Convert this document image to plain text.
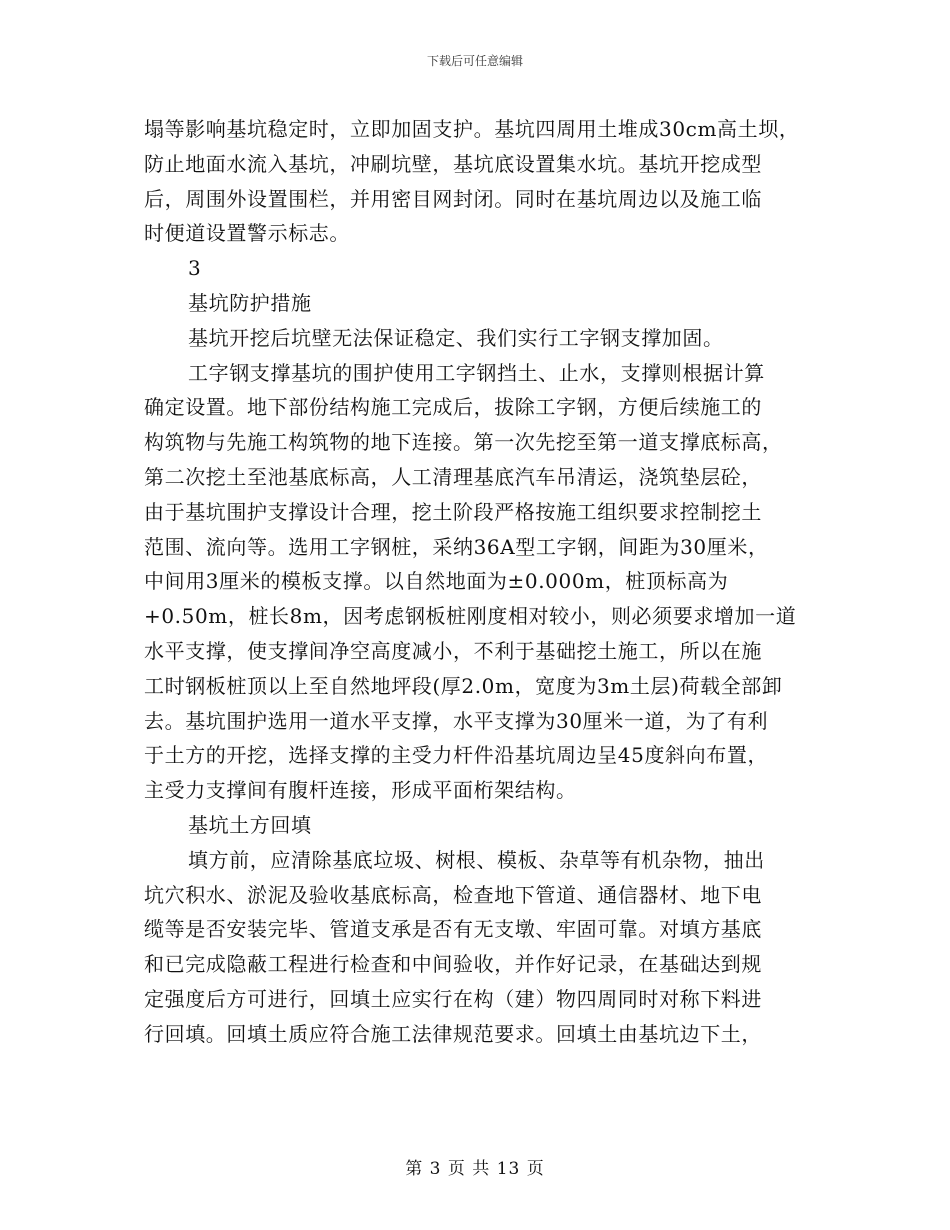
下载后可任意编辑
塌等影响基坑稳定时，立即加固支护。基坑四周用土堆成30cm高土坝，
防止地面水流入基坑，冲刷坑壁，基坑底设置集水坑。基坑开挖成型
后，周围外设置围栏，并用密目网封闭。同时在基坑周边以及施工临
时便道设置警示标志。
3
基坑防护措施
基坑开挖后坑壁无法保证稳定、我们实行工字钢支撑加固。
工字钢支撑基坑的围护使用工字钢挡土、止水，支撑则根据计算
确定设置。地下部份结构施工完成后，拔除工字钢，方便后续施工的
构筑物与先施工构筑物的地下连接。第一次先挖至第一道支撑底标高，
第二次挖土至池基底标高，人工清理基底汽车吊清运，浇筑垫层砼，
由于基坑围护支撑设计合理，挖土阶段严格按施工组织要求控制挖土
范围、流向等。选用工字钢桩，采纳36A型工字钢，间距为30厘米，
中间用3厘米的模板支撑。以自然地面为±0.000m，桩顶标高为
+0.50m，桩长8m，因考虑钢板桩刚度相对较小，则必须要求增加一道
水平支撑，使支撑间净空高度减小，不利于基础挖土施工，所以在施
工时钢板桩顶以上至自然地坪段(厚2.0m，宽度为3m土层)荷载全部卸
去。基坑围护选用一道水平支撑，水平支撑为30厘米一道，为了有利
于土方的开挖，选择支撑的主受力杆件沿基坑周边呈45度斜向布置，
主受力支撑间有腹杆连接，形成平面桁架结构。
基坑土方回填
填方前，应清除基底垃圾、树根、模板、杂草等有机杂物，抽出
坑穴积水、淤泥及验收基底标高，检查地下管道、通信器材、地下电
缆等是否安装完毕、管道支承是否有无支墩、牢固可靠。对填方基底
和已完成隐蔽工程进行检查和中间验收，并作好记录，在基础达到规
定强度后方可进行，回填土应实行在构（建）物四周同时对称下料进
行回填。回填土质应符合施工法律规范要求。回填土由基坑边下土，
第 3 页 共 13 页
